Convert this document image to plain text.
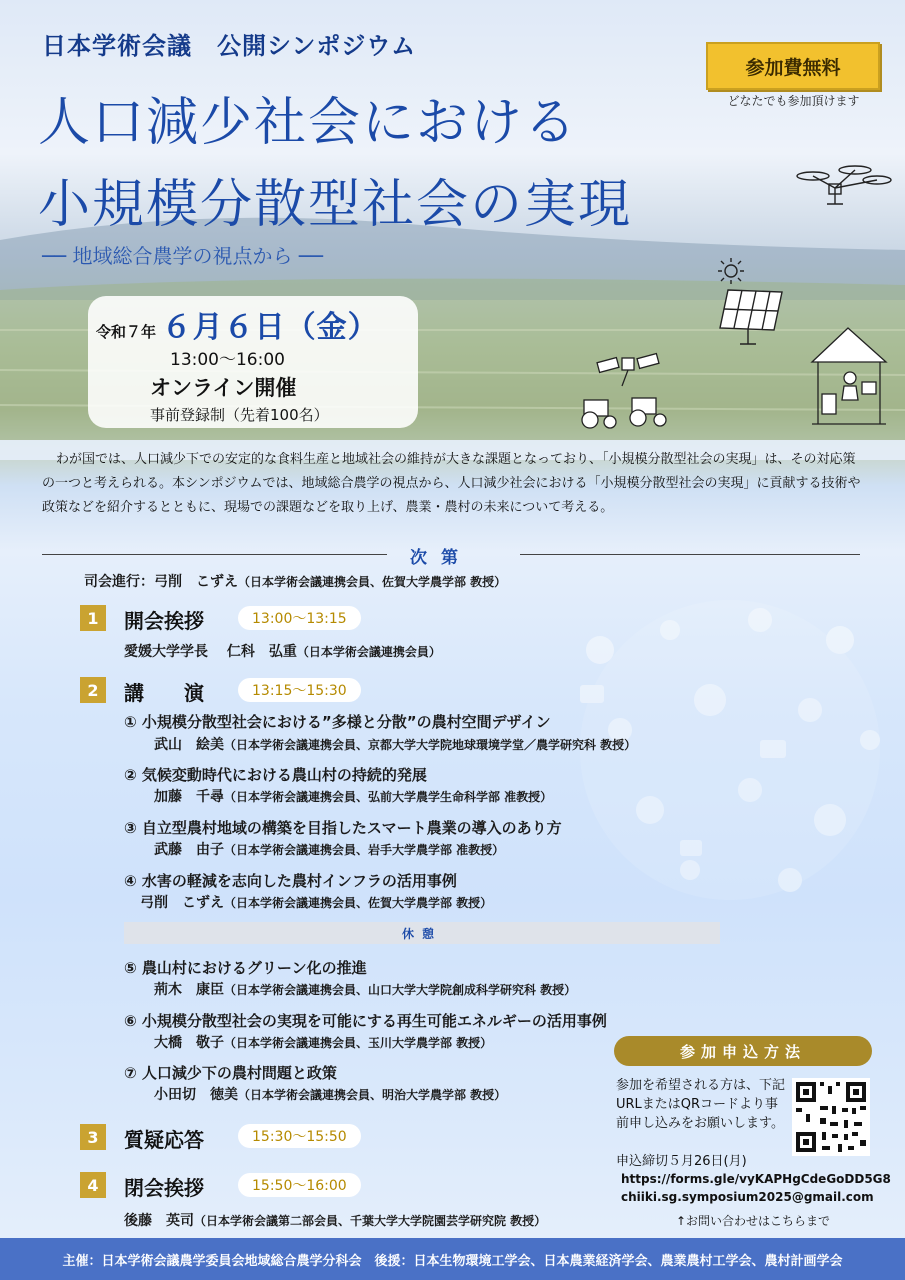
日本学術会議　公開シンポジウム
人口減少社会における
小規模分散型社会の実現
── 地域総合農学の視点から ──
参加費無料
どなたでも参加頂けます
令和７年 ６月６日（金）
13:00〜16:00
オンライン開催
事前登録制（先着100名）
わが国では、人口減少下での安定的な食料生産と地域社会の維持が大きな課題となっており、「小規模分散型社会の実現」は、その対応策の一つと考えられる。本シンポジウムでは、地域総合農学の視点から、人口減少社会における「小規模分散型社会の実現」に貢献する技術や政策などを紹介するとともに、現場での課題などを取り上げ、農業・農村の未来について考える。
次第
司会進行：弓削　こずえ（日本学術会議連携会員、佐賀大学農学部 教授）
1	開会挨拶	13:00〜13:15
愛媛大学学長　 仁科　弘重（日本学術会議連携会員）
2	講　　演	13:15〜15:30
① 小規模分散型社会における”多様と分散”の農村空間デザイン
武山　絵美（日本学術会議連携会員、京都大学大学院地球環境学堂／農学研究科 教授）
② 気候変動時代における農山村の持続的発展
加藤　千尋（日本学術会議連携会員、弘前大学農学生命科学部 准教授）
③ 自立型農村地域の構築を目指したスマート農業の導入のあり方
武藤　由子（日本学術会議連携会員、岩手大学農学部 准教授）
④ 水害の軽減を志向した農村インフラの活用事例
弓削　こずえ（日本学術会議連携会員、佐賀大学農学部 教授）
休憩
⑤ 農山村におけるグリーン化の推進
荊木　康臣（日本学術会議連携会員、山口大学大学院創成科学研究科 教授）
⑥ 小規模分散型社会の実現を可能にする再生可能エネルギーの活用事例
大橋　敬子（日本学術会議連携会員、玉川大学農学部 教授）
⑦ 人口減少下の農村問題と政策
小田切　徳美（日本学術会議連携会員、明治大学農学部 教授）
3	質疑応答	15:30〜15:50
4	閉会挨拶	15:50〜16:00
後藤　英司（日本学術会議第二部会員、千葉大学大学院園芸学研究院 教授）
参加申込方法
参加を希望される方は、下記URLまたはQRコードより事前申し込みをお願いします。
申込締切５月26日(月)
https://forms.gle/vyKAPHgCdeGoDD5G8
chiiki.sg.symposium2025@gmail.com
↑お問い合わせはこちらまで
主催：日本学術会議農学委員会地域総合農学分科会　後援：日本生物環境工学会、日本農業経済学会、農業農村工学会、農村計画学会
